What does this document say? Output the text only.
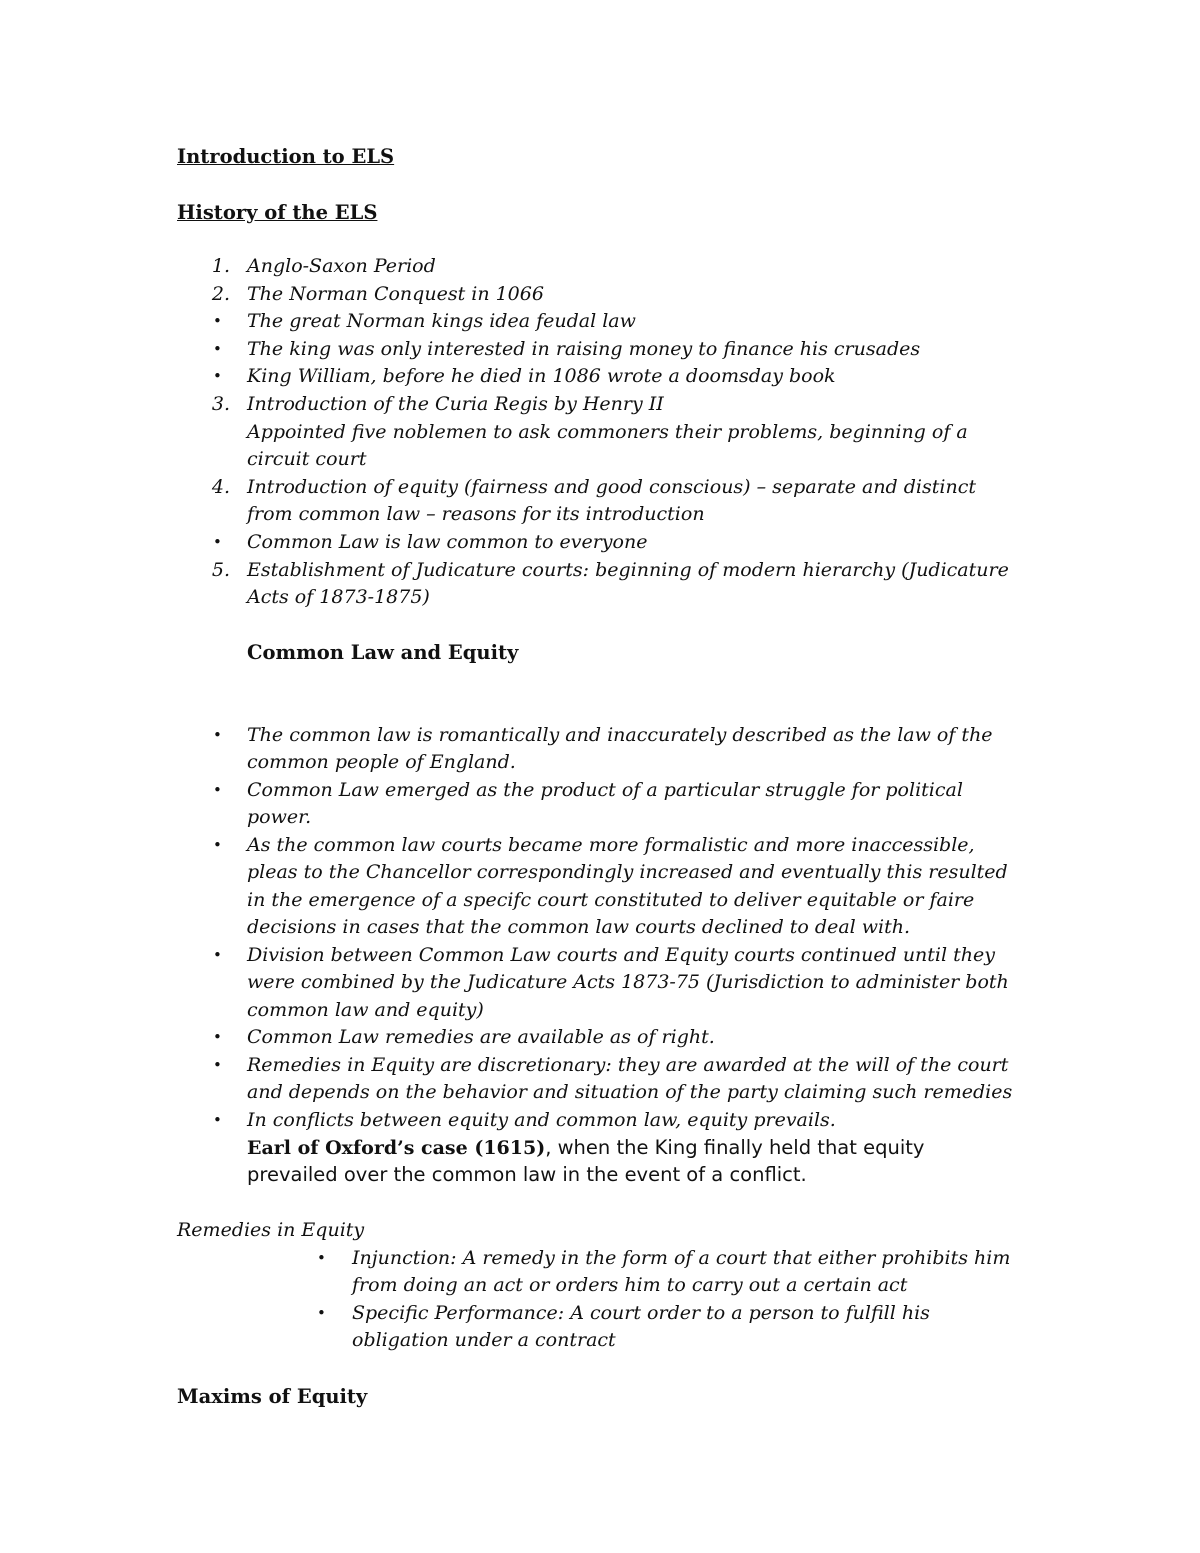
Introduction to ELS
History of the ELS
1. Anglo-Saxon Period
2. The Norman Conquest in 1066
• The great Norman kings idea feudal law
• The king was only interested in raising money to finance his crusades
• King William, before he died in 1086 wrote a doomsday book
3. Introduction of the Curia Regis by Henry II
Appointed five noblemen to ask commoners their problems, beginning of a
circuit court
4. Introduction of equity (fairness and good conscious) – separate and distinct
from common law – reasons for its introduction
• Common Law is law common to everyone
5. Establishment of Judicature courts: beginning of modern hierarchy (Judicature
Acts of 1873-1875)
Common Law and Equity
• The common law is romantically and inaccurately described as the law of the
common people of England.
• Common Law emerged as the product of a particular struggle for political
power.
• As the common law courts became more formalistic and more inaccessible,
pleas to the Chancellor correspondingly increased and eventually this resulted
in the emergence of a specifc court constituted to deliver equitable or faire
decisions in cases that the common law courts declined to deal with.
• Division between Common Law courts and Equity courts continued until they
were combined by the Judicature Acts 1873-75 (Jurisdiction to administer both
common law and equity)
• Common Law remedies are available as of right.
• Remedies in Equity are discretionary: they are awarded at the will of the court
and depends on the behavior and situation of the party claiming such remedies
• In conflicts between equity and common law, equity prevails.
Earl of Oxford’s case (1615), when the King finally held that equity
prevailed over the common law in the event of a conflict.
Remedies in Equity
• Injunction: A remedy in the form of a court that either prohibits him
from doing an act or orders him to carry out a certain act
• Specific Performance: A court order to a person to fulfill his
obligation under a contract
Maxims of Equity
